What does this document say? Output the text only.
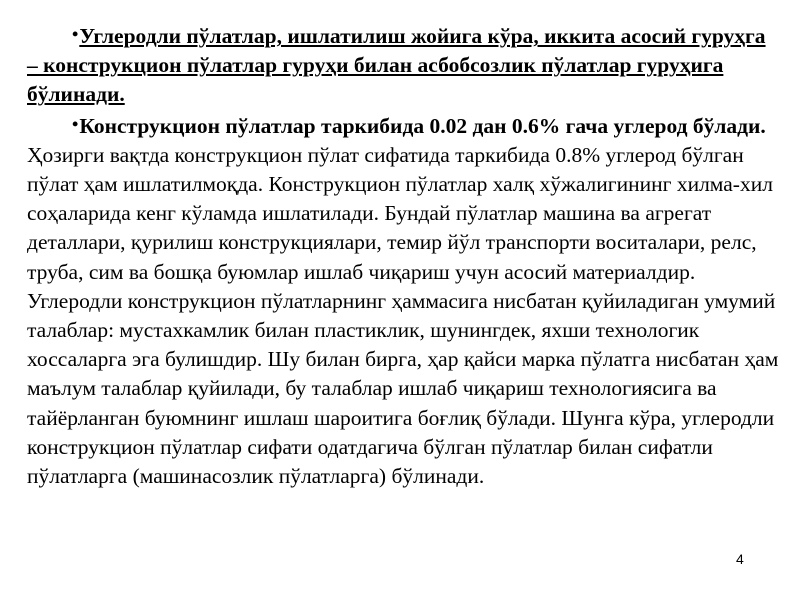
•Углеродли пўлатлар, ишлатилиш жойига кўра, иккита асосий гуруҳга – конструкцион пўлатлар гуруҳи билан асбобсозлик пўлатлар гуруҳига бўлинади.

•Конструкцион пўлатлар таркибида 0.02 дан 0.6% гача углерод бўлади. Ҳозирги вақтда конструкцион пўлат сифатида таркибида 0.8% углерод бўлган пўлат ҳам ишлатилмоқда. Конструкцион пўлатлар халқ хўжалигининг хилма-хил соҳаларида кенг кўламда ишлатилади. Бундай пўлатлар машина ва агрегат деталлари, қурилиш конструкциялари, темир йўл транспорти воситалари, релс, труба, сим ва бошқа буюмлар ишлаб чиқариш учун асосий материалдир. Углеродли конструкцион пўлатларнинг ҳаммасига нисбатан қуйиладиган умумий талаблар: мустахкамлик билан пластиклик, шунингдек, яхши технологик хоссаларга эга булишдир. Шу билан бирга, ҳар қайси марка пўлатга нисбатан ҳам маълум талаблар қуйилади, бу талаблар ишлаб чиқариш технологиясига ва тайёрланган буюмнинг ишлаш шароитига боғлиқ бўлади. Шунга кўра, углеродли конструкцион пўлатлар сифати одатдагича бўлган пўлатлар билан сифатли пўлатларга (машинасозлик пўлатларга) бўлинади.

4
